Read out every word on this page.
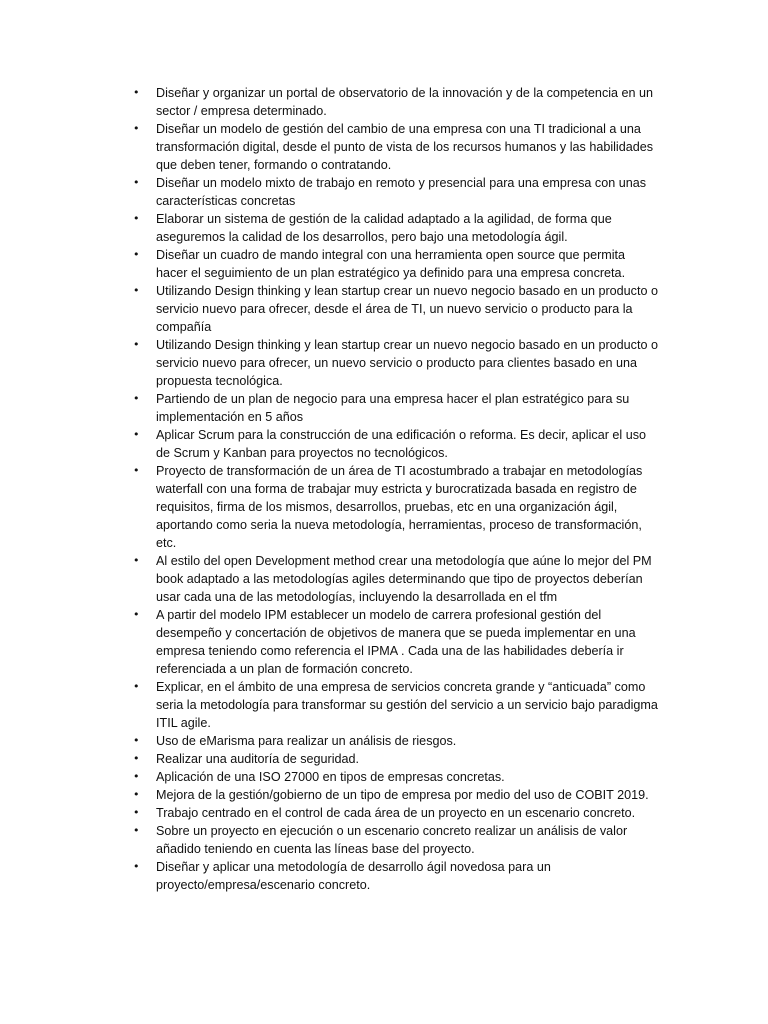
• Diseñar y organizar un portal de observatorio de la innovación y de la competencia en un sector / empresa determinado.
• Diseñar un modelo de gestión del cambio de una empresa con una TI tradicional a una transformación digital, desde el punto de vista de los recursos humanos y las habilidades que deben tener, formando o contratando.
• Diseñar un modelo mixto de trabajo en remoto y presencial para una empresa con unas características concretas
• Elaborar un sistema de gestión de la calidad adaptado a la agilidad, de forma que aseguremos la calidad de los desarrollos, pero bajo una metodología ágil.
• Diseñar un cuadro de mando integral con una herramienta open source que permita hacer el seguimiento de un plan estratégico ya definido para una empresa concreta.
• Utilizando Design thinking y lean startup crear un nuevo negocio basado en un producto o servicio nuevo para ofrecer, desde el área de TI, un nuevo servicio o producto para la compañía
• Utilizando Design thinking y lean startup crear un nuevo negocio basado en un producto o servicio nuevo para ofrecer, un nuevo servicio o producto para clientes basado en una propuesta tecnológica.
• Partiendo de un plan de negocio para una empresa hacer el plan estratégico para su implementación en 5 años
• Aplicar Scrum para la construcción de una edificación o reforma. Es decir, aplicar el uso de Scrum y Kanban para proyectos no tecnológicos.
• Proyecto de transformación de un área de TI acostumbrado a trabajar en metodologías waterfall con una forma de trabajar muy estricta y burocratizada basada en registro de requisitos, firma de los mismos, desarrollos, pruebas, etc en una organización ágil, aportando como seria la nueva metodología, herramientas, proceso de transformación, etc.
• Al estilo del open Development method crear una metodología que aúne lo mejor del PM book adaptado a las metodologías agiles determinando que tipo de proyectos deberían usar cada una de las metodologías, incluyendo la desarrollada en el tfm
• A partir del modelo IPM establecer un modelo de carrera profesional gestión del desempeño y concertación de objetivos de manera que se pueda implementar en una empresa teniendo como referencia el IPMA . Cada una de las habilidades debería ir referenciada a un plan de formación concreto.
• Explicar, en el ámbito de una empresa de servicios concreta grande y “anticuada” como seria la metodología para transformar su gestión del servicio a un servicio bajo paradigma ITIL agile.
• Uso de eMarisma para realizar un análisis de riesgos.
• Realizar una auditoría de seguridad.
• Aplicación de una ISO 27000 en tipos de empresas concretas.
• Mejora de la gestión/gobierno de un tipo de empresa por medio del uso de COBIT 2019.
• Trabajo centrado en el control de cada área de un proyecto en un escenario concreto.
• Sobre un proyecto en ejecución o un escenario concreto realizar un análisis de valor añadido teniendo en cuenta las líneas base del proyecto.
• Diseñar y aplicar una metodología de desarrollo ágil novedosa para un proyecto/empresa/escenario concreto.
